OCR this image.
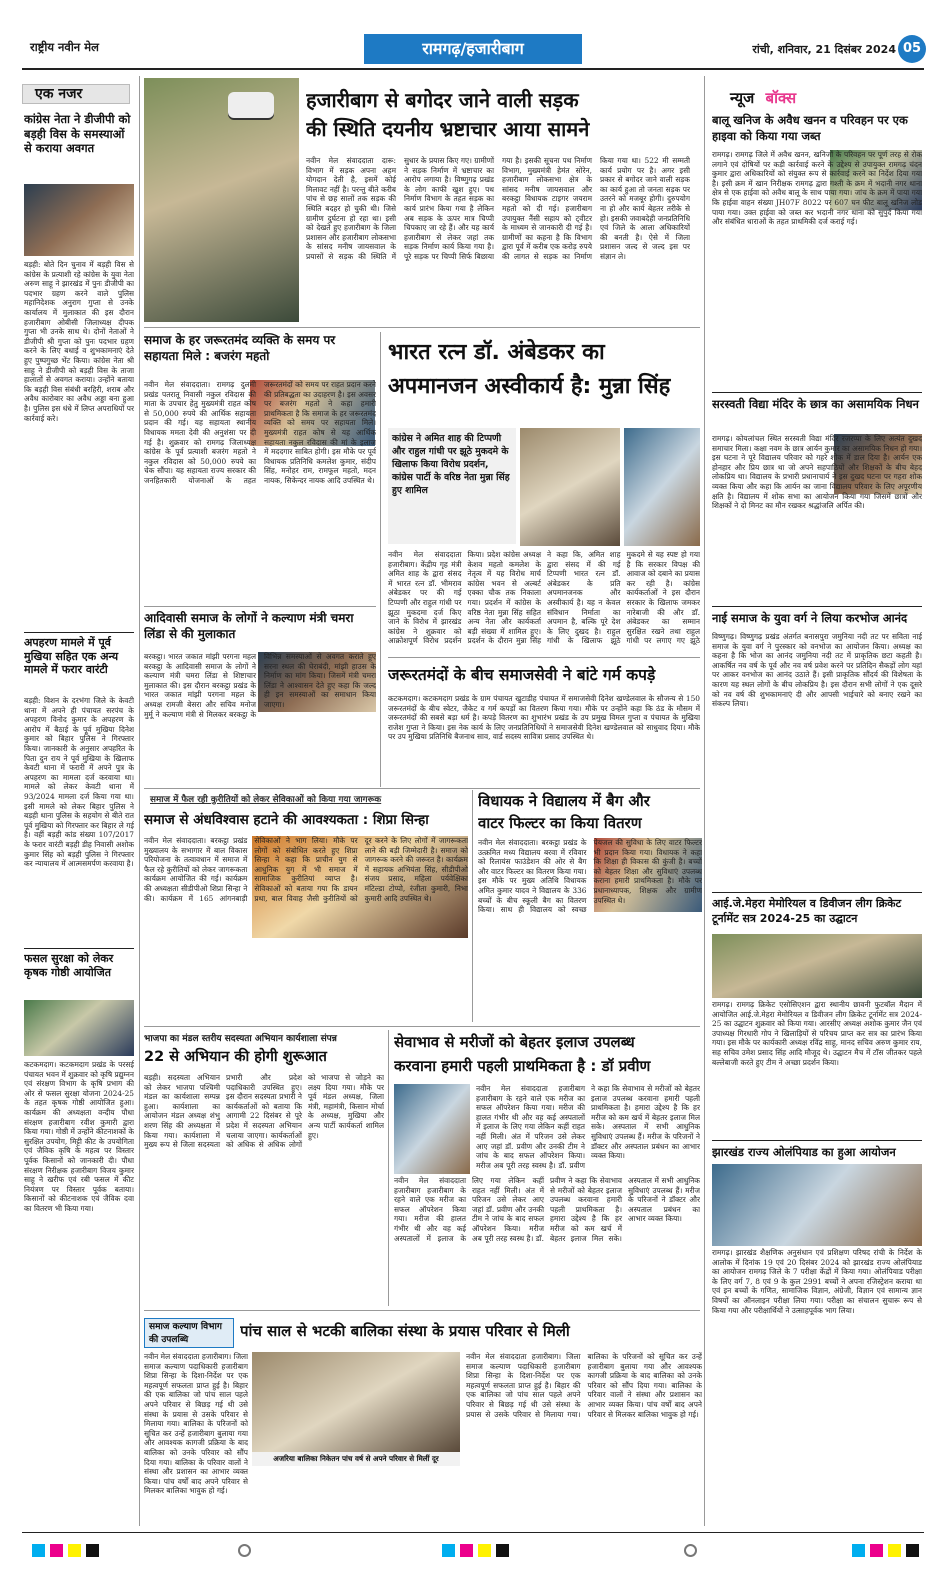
राष्ट्रीय नवीन मेल	रामगढ़/हजारीबाग	रांची, शनिवार, 21 दिसंबर 2024 05
एक नजर
कांग्रेस नेता ने डीजीपी को बड़ही विस के समस्याओं से कराया अवगत
बड़ही: बोते दिन चुनाव में बड़ही विस से कांग्रेस के प्रत्याशी रहे कांग्रेस के युवा नेता अरुण साहू ने झारखंड में पुनः डीजीपी का पदभार ग्रहण करने वाले पुलिस महानिदेशक अनुराग गुप्ता से उनके कार्यालय में मुलाकात की इस दौरान हजारीबाग ओबीसी जिलाध्यक्ष दीपक गुप्ता भी उनके साथ थे। दोनों नेताओं ने डीजीपी श्री गुप्ता को पुनः पदभार ग्रहण करने के लिए बधाई व शुभकामनाएं देते हुए पुष्पगुच्छ भेंट किया। कांग्रेस नेता श्री साहू ने डीजीपी को बड़ही विस के ताजा हालातों से अवगत कराया। उन्होंने बताया कि बड़ही विस संबंधी बरहिरी, शराब और अवैध कारोबार का अवैध अड्डा बना हुआ है। पुलिस इस धंधे में लिप्त अपराधियों पर कार्रवाई करे।
अपहरण मामले में पूर्व मुखिया सहित एक अन्य मामले में फरार वारंटी
बड़ही: विशन के दरभंगा जिले के केवटी थाना में अपने ही पंचायत सरपंच के अपहरण विनोद कुमार के अपहरण के आरोप में बैठाई के पूर्व मुखिया दिनेश कुमार को बिहार पुलिस ने गिरफ्तार किया। जानकारी के अनुसार अपहरित के पिता दुन राय ने पूर्व मुखिया के खिलाफ केवटी थाना में फरारी में अपने पुत्र के अपहरण का मामला दर्ज करवाया था। मामले को लेकर केवटी थाना में 93/2024 मामला दर्ज किया गया था। इसी मामले को लेकर बिहार पुलिस ने बड़ही थाना पुलिस के सहयोग से बीते रात पूर्व मुखिया को गिरफ्तार कर बिहार ले गई है। वहीं बड़ही कांड संख्या 107/2017 के फरार वारंटी बड़ही डीह निवासी अशोक कुमार सिंह को बड़ही पुलिस ने गिरफ्तार कर न्यायालय में आत्मसमर्पण करवाया है।
फसल सुरक्षा को लेकर कृषक गोष्ठी आयोजित
कटकमदाग। कटकमदाग प्रखंड के परसई पंचायत भवन में शुक्रवार को कृषि प्रद्युम्नन एवं संरक्षण विभाग के कृषि प्रभाग की ओर से फसल सुरक्षा योजना 2024-25 के तहत कृषक गोष्ठी आयोजित हुआ। कार्यक्रम की अध्यक्षता वन्दीय पौधा संरक्षण हजारीबाग रवीश कुमारी द्वारा किया गया। गोष्ठी में उन्होंने कीटनाशकों के सुरक्षित उपयोग, मिट्टी कीट के उपयोगिता एवं जैविक कृषि के महत्व पर विस्तार पूर्वक किसानों को जानकारी दी। पौधा संरक्षण निरीक्षक हजारीबाग विजय कुमार साहू ने खरीफ एवं रबी फसल में कीट नियंत्रण पर विस्तार पूर्वक बताया। किसानों को कीटनाशक एवं जैविक दवा का वितरण भी किया गया।
हजारीबाग से बगोदर जाने वाली सड़क
की स्थिति दयनीय भ्रष्टाचार आया सामने
नवीन मेल संवाददाता दारू: विभाग में सड़क अपना अहम योगदान देती है, इसमें कोई मिलावट नहीं है। परन्तु बीते करीब पांच से छह सालों तक सड़क की स्थिति बदहर हो चुकी थी। जिसे ग्रामीण दुर्घटना हो रहा था। इसी को देखते हुए हजारीबाग के जिला प्रशासन और हजारीबाग लोकसभा के सांसद मनीष जायसवाल के प्रयासों से सड़क की स्थिति में सुधार के प्रयास किए गए। ग्रामीणों ने सड़क निर्माण में भ्रष्टाचार का आरोप लगाया है। विष्णुगढ़ प्रखंड के लोग काफी खुश हुए। पथ निर्माण विभाग के तहत सड़क का कार्य प्रारंभ किया गया है लेकिन अब सड़क के ऊपर मात्र चिप्पी चिपकाए जा रहे हैं। और यह कार्य हजारीबाग से लेकर जहां तक सड़क निर्माण कार्य किया गया है। पूरे सड़क पर चिप्पी सिर्फ बिछाया गया है। इसकी सूचना पथ निर्माण विभाग, मुख्यमंत्री हेमंत सोरेन, हजारीबाग लोकसभा क्षेत्र के सांसद मनीष जायसवाल और बरकट्ठा विधायक टाइगर जयराम महतो को दी गई। हजारीबाग उपायुक्त नैंसी सहाय को ट्वीटर के माध्यम से जानकारी दी गई है। ग्रामीणों का कहना है कि विभाग द्वारा पूर्व में करीब एक करोड़ रुपये की लागत से सड़क का निर्माण किया गया था। 522 मी सम्मती कार्य प्रयोग पर है। अगर इसी प्रकार से बगोदर जाने वाली सड़क का कार्य हुआ तो जनता सड़क पर उतरने को मजबूर होगी। दुरुपयोग ना हो और कार्य बेहतर तरीके से हो। इसकी जवाबदेही जनप्रतिनिधि एवं जिले के आला अधिकारियों की बनती है। ऐसे में जिला प्रशासन जल्द से जल्द इस पर संज्ञान ले।
समाज के हर जरूरतमंद व्यक्ति के समय पर सहायता मिले : बजरंग महतो
नवीन मेल संवाददाता। रामगढ़ दुलमी प्रखंड पतरातू निवासी नकुल रविदास की माता के उपचार हेतु मुख्यमंत्री राहत कोष से 50,000 रुपये की आर्थिक सहायता प्रदान की गई। यह सहायता स्थानीय विधायक ममता देवी की अनुशंसा पर दी गई है। शुक्रवार को रामगढ़ जिलाध्यक्ष कांग्रेस के पूर्व प्रत्याशी बजरंग महतो ने नकुल रविदास को 50,000 रुपये का चेक सौंपा। यह सहायता राज्य सरकार की जनहितकारी योजनाओं के तहत जरूरतमंदों को समय पर राहत प्रदान करने की प्रतिबद्धता का उदाहरण है। इस अवसर पर बजरंग महतो ने कहा हमारी प्राथमिकता है कि समाज के हर जरूरतमंद व्यक्ति को समय पर सहायता मिले। मुख्यमंत्री राहत कोष से यह आर्थिक सहायता नकुल रविदास की मां के इलाज में मददगार साबित होगी। इस मौके पर पूर्व विधायक प्रतिनिधि कमलेश कुमार, संदीप सिंह, मनोहर राम, रामफूल महतो, मदन नायक, सिकेन्दर नायक आदि उपस्थित थे।
आदिवासी समाज के लोगों ने कल्याण मंत्री चमरा लिंडा से की मुलाकात
बरकट्ठा। भारत जकात मांझी परगना महल बरकट्ठा के आदिवासी समाज के लोगों ने कल्याण मंत्री चमरा लिंडा से शिष्टाचार मुलाकात की। इस दौरान बरकट्ठा प्रखंड के भारत जकात मांझी परगना महल के अध्यक्ष रामजी बेसरा और सचिव मनोज मुर्मू ने कल्याण मंत्री से मिलकर बरकट्ठा के विभिन्न समस्याओं से अवगत कराते हुए सरना स्थल की घेराबंदी, मांझी हाउस के निर्माण का मांग किया। जिसमें मंत्री चमरा लिंडा ने आश्वासन देते हुए कहा कि जल्द ही इन समस्याओं का समाधान किया जाएगा।
भारत रत्न डॉ. अंबेडकर का
अपमानजन अस्वीकार्य है: मुन्ना सिंह
कांग्रेस ने अमित शाह की टिप्पणी और राहुल गांधी पर झूठे मुकदमे के खिलाफ किया विरोध प्रदर्शन, कांग्रेस पार्टी के वरिष्ठ नेता मुन्ना सिंह हुए शामिल
नवीन मेल संवाददाता हजारीबाग। केंद्रीय गृह मंत्री अमित शाह के द्वारा संसद में भारत रत्न डॉ. भीमराव अंबेडकर पर की गई टिप्पणी और राहुल गांधी पर झूठा मुकदमा दर्ज किए जाने के विरोध में झारखंड कांग्रेस ने शुक्रवार को आक्रोशपूर्ण विरोध प्रदर्शन किया। प्रदेश कांग्रेस अध्यक्ष केशव महतो कमलेश के नेतृत्व में यह विरोध मार्च कांग्रेस भवन से अल्बर्ट एक्का चौक तक निकाला गया। प्रदर्शन में कांग्रेस के वरिष्ठ नेता मुन्ना सिंह सहित अन्य नेता और कार्यकर्ता बड़ी संख्या में शामिल हुए। प्रदर्शन के दौरान मुन्ना सिंह ने कहा कि, अमित शाह द्वारा संसद में की गई टिप्पणी भारत रत्न डॉ. अंबेडकर के प्रति अपमानजनक और अस्वीकार्य है। यह न केवल संविधान निर्माता का अपमान है, बल्कि पूरे देश के लिए दुखद है। राहुल गांधी के खिलाफ झूठे मुकदमे से यह स्पष्ट हो गया है कि सरकार विपक्ष की आवाज को दबाने का प्रयास कर रही है। कांग्रेस कार्यकर्ताओं ने इस दौरान सरकार के खिलाफ जमकर नारेबाजी की और डॉ. अंबेडकर का सम्मान सुरक्षित रखने तथा राहुल गांधी पर लगाए गए झूठे
जरूरतमंदों के बीच समाजसेवी ने बांटे गर्म कपड़े
कटकमदाग। कटकमदाग प्रखंड के ग्राम पंचायत खुटाडीह पंचायत में समाजसेवी दिनेश खण्डेलवाल के सौजन्य से 150 जरूरतमंदों के बीच स्वेटर, जैकेट व गर्म कपड़ों का वितरण किया गया। मौके पर उन्होंने कहा कि ठंड के मौसम में जरूरतमंदों की सबसे बड़ा धर्म है। कपड़े वितरण का शुभारंभ प्रखंड के उप प्रमुख विमल गुप्ता व पंचायत के मुखिया राजेश गुप्ता ने किया। इस नेक कार्य के लिए जनप्रतिनिधियों ने समाजसेवी दिनेश खण्डेलवाल को साधुवाद दिया। मौके पर उप मुखिया प्रतिनिधि बैजनाथ साव, वार्ड सदस्य सावित्रा प्रसाद उपस्थित थे।
समाज में फैल रही कुरीतियों को लेकर सेविकाओं को किया गया जागरूक
समाज से अंधविश्वास हटाने की आवश्यकता : शिप्रा सिन्हा
नवीन मेल संवाददाता। बरकट्ठा प्रखंड मुख्यालय के सभागार में बाल विकास परियोजना के तत्वावधान में समाज में फैल रहे कुरीतियों को लेकर जागरूकता कार्यक्रम आयोजित की गई। कार्यक्रम की अध्यक्षता सीडीपीओ शिप्रा सिन्हा ने की। कार्यक्रम में 165 आंगनबाड़ी सेविकाओं ने भाग लिया। मौके पर लोगों को संबोधित करते हुए शिप्रा सिन्हा ने कहा कि प्राचीन युग से आधुनिक युग में भी समाज में सामाजिक कुरीतियां व्याप्त है। सेविकाओं को बताया गया कि डायन प्रथा, बाल विवाह जैसी कुरीतियों को दूर करने के लिए लोगों में जागरूकता लाने की बड़ी जिम्मेदारी है। समाज को जागरूक करने की जरूरत है। कार्यक्रम में सहायक अभियंता सिंह, सीडीपीओ संजय प्रसाद, महिला पर्यवेक्षिका मंटिल्डा टोप्पो, रंजीता कुमारी, निभा कुमारी आदि उपस्थित थे।
विधायक ने विद्यालय में बैग और
वाटर फिल्टर का किया वितरण
नवीन मेल संवाददाता। बरकट्ठा प्रखंड के उत्क्रमित मध्य विद्यालय बरवा में रविवार को रिलायंस फाउंडेशन की ओर से बैग और वाटर फिल्टर का वितरण किया गया। इस मौके पर मुख्य अतिथि विधायक अमित कुमार यादव ने विद्यालय के 336 बच्चों के बीच स्कूली बैग का वितरण किया। साथ ही विद्यालय को स्वच्छ पेयजल की सुविधा के लिए वाटर फिल्टर भी प्रदान किया गया। विधायक ने कहा कि शिक्षा ही विकास की कुंजी है। बच्चों को बेहतर शिक्षा और सुविधाएं उपलब्ध कराना हमारी प्राथमिकता है। मौके पर प्रधानाध्यापक, शिक्षक और ग्रामीण उपस्थित थे।
भाजपा का मंडल स्तरीय सदस्यता अभियान कार्यशाला संपन्न
22 से अभियान की होगी शुरूआत
बड़ही। सदस्यता अभियान को लेकर भाजपा पश्चिमी मंडल का कार्यशाला सम्पन्न हुआ। कार्यशाला का आयोजन मंडल अध्यक्ष शंभु शरण सिंह की अध्यक्षता में किया गया। कार्यशाला में मुख्य रूप से जिला सदस्यता प्रभारी और प्रदेश पदाधिकारी उपस्थित हुए। इस दौरान सदस्यता प्रभारी ने कार्यकर्ताओं को बताया कि आगामी 22 दिसंबर से पूरे प्रदेश में सदस्यता अभियान चलाया जाएगा। कार्यकर्ताओं को अधिक से अधिक लोगों को भाजपा से जोड़ने का लक्ष्य दिया गया। मौके पर पूर्व मंडल अध्यक्ष, जिला मंत्री, महामंत्री, किसान मोर्चा के अध्यक्ष, मुखिया और अन्य पार्टी कार्यकर्ता शामिल हुए।
सेवाभाव से मरीजों को बेहतर इलाज उपलब्ध
करवाना हमारी पहली प्राथमिकता है : डॉ प्रवीण
नवीन मेल संवाददाता हजारीबाग हजारीबाग के रहने वाले एक मरीज का सफल ऑपरेशन किया गया। मरीज की हालत गंभीर थी और वह कई अस्पतालों में इलाज के लिए गया लेकिन कहीं राहत नहीं मिली। अंत में परिजन उसे लेकर आए जहां डॉ. प्रवीण और उनकी टीम ने जांच के बाद सफल ऑपरेशन किया। मरीज अब पूरी तरह स्वस्थ है। डॉ. प्रवीण ने कहा कि सेवाभाव से मरीजों को बेहतर इलाज उपलब्ध करवाना हमारी पहली प्राथमिकता है। हमारा उद्देश्य है कि हर मरीज को कम खर्च में बेहतर इलाज मिल सके। अस्पताल में सभी आधुनिक सुविधाएं उपलब्ध हैं। मरीज के परिजनों ने डॉक्टर और अस्पताल प्रबंधन का आभार व्यक्त किया।
नवीन मेल संवाददाता हजारीबाग हजारीबाग के रहने वाले एक मरीज का सफल ऑपरेशन किया गया। मरीज की हालत गंभीर थी और वह कई अस्पतालों में इलाज के लिए गया लेकिन कहीं राहत नहीं मिली। अंत में परिजन उसे लेकर आए जहां डॉ. प्रवीण और उनकी टीम ने जांच के बाद सफल ऑपरेशन किया। मरीज अब पूरी तरह स्वस्थ है। डॉ. प्रवीण ने कहा कि सेवाभाव से मरीजों को बेहतर इलाज उपलब्ध करवाना हमारी पहली प्राथमिकता है। हमारा उद्देश्य है कि हर मरीज को कम खर्च में बेहतर इलाज मिल सके। अस्पताल में सभी आधुनिक सुविधाएं उपलब्ध हैं। मरीज के परिजनों ने डॉक्टर और अस्पताल प्रबंधन का आभार व्यक्त किया।
समाज कल्याण विभाग की उपलब्धि	पांच साल से भटकी बालिका संस्था के प्रयास परिवार से मिली
नवीन मेल संवाददाता हजारीबाग। जिला समाज कल्याण पदाधिकारी हजारीबाग शिप्रा सिन्हा के दिशा-निर्देश पर एक महत्वपूर्ण सफलता प्राप्त हुई है। बिहार की एक बालिका जो पांच साल पहले अपने परिवार से बिछड़ गई थी उसे संस्था के प्रयास से उसके परिवार से मिलाया गया। बालिका के परिजनों को सूचित कर उन्हें हजारीबाग बुलाया गया और आवश्यक कागजी प्रक्रिया के बाद बालिका को उनके परिवार को सौंप दिया गया। बालिका के परिवार वालों ने संस्था और प्रशासन का आभार व्यक्त किया। पांच वर्षों बाद अपने परिवार से मिलकर बालिका भावुक हो गई।
अजरिया बालिका निकेतन पांच वर्ष से अपने परिवार से मिलीं दूर
नवीन मेल संवाददाता हजारीबाग। जिला समाज कल्याण पदाधिकारी हजारीबाग शिप्रा सिन्हा के दिशा-निर्देश पर एक महत्वपूर्ण सफलता प्राप्त हुई है। बिहार की एक बालिका जो पांच साल पहले अपने परिवार से बिछड़ गई थी उसे संस्था के प्रयास से उसके परिवार से मिलाया गया। बालिका के परिजनों को सूचित कर उन्हें हजारीबाग बुलाया गया और आवश्यक कागजी प्रक्रिया के बाद बालिका को उनके परिवार को सौंप दिया गया। बालिका के परिवार वालों ने संस्था और प्रशासन का आभार व्यक्त किया। पांच वर्षों बाद अपने परिवार से मिलकर बालिका भावुक हो गई।
न्यूज बॉक्स
बालू खनिज के अवैध खनन व परिवहन पर एक हाइवा को किया गया जब्त
रामगढ़। रामगढ़ जिले में अवैध खनन, खनिजों के परिवहन पर पूर्ण तरह से रोक लगाने एवं दोषियों पर कड़ी कार्रवाई करने के उद्देश्य से उपायुक्त रामगढ़ चंदन कुमार द्वारा अधिकारियों को संयुक्त रूप से कार्रवाई करने का निर्देश दिया गया है। इसी क्रम में खान निरीक्षक रामगढ़ द्वारा गश्ती के क्रम में भदानी नगर थाना क्षेत्र से एक हाईवा को अवैध बालू के साथ पाया गया। जांच के क्रम में पाया गया कि हाईवा वाहन संख्या JH07F 8022 पर 607 घन फीट बालू खनिज लोड पाया गया। उक्त हाईवा को जब्त कर भदानी नगर थाना को सुपुर्द किया गया और संबंधित धाराओं के तहत प्राथमिकी दर्ज कराई गई।
सरस्वती विद्या मंदिर के छात्र का असामयिक निधन
रामगढ़। कोयलांचल स्थित सरस्वती विद्या मंदिर रजरप्पा के लिए अत्यंत दुखद समाचार मिला। कक्षा नवम के छात्र आर्यन कुमार का असामयिक निधन हो गया। इस घटना ने पूरे विद्यालय परिवार को गहरे शोक में डाल दिया है। आर्यन एक होनहार और प्रिय छात्र था जो अपने सहपाठियों और शिक्षकों के बीच बेहद लोकप्रिय था। विद्यालय के प्रभारी प्रधानाचार्य ने इस दुखद घटना पर गहरा शोक व्यक्त किया और कहा कि आर्यन का जाना विद्यालय परिवार के लिए अपूरणीय क्षति है। विद्यालय में शोक सभा का आयोजन किया गया जिसमें छात्रों और शिक्षकों ने दो मिनट का मौन रखकर श्रद्धांजलि अर्पित की।
नाई समाज के युवा वर्ग ने लिया करभोज आनंद
विष्णुगढ़। विष्णुगढ़ प्रखंड अंतर्गत बनासपुरा जमुनिया नदी तट पर सविता नाई समाज के युवा वर्ग ने पुरस्कार को वनभोज का आयोजन किया। अध्यक्ष का कहना है कि भोज का आनंद जमुनिया नदी तट में प्राकृतिक छटा कहती है। आकर्षित नव वर्ष के पूर्व और नव वर्ष प्रवेश करने पर प्रतिदिन सैकड़ों लोग यहां पर आकर वनभोज का आनंद उठाते हैं। इसी प्राकृतिक सौंदर्य की विशेषता के कारण यह स्थल लोगों के बीच लोकप्रिय है। इस दौरान सभी लोगों ने एक दूसरे को नव वर्ष की शुभकामनाएं दी और आपसी भाईचारे को बनाए रखने का संकल्प लिया।
आई.जे.मेहरा मेमोरियल व डिवीजन लीग क्रिकेट टूर्नामेंट सत्र 2024-25 का उद्घाटन
रामगढ़। रामगढ़ क्रिकेट एसोसिएशन द्वारा स्थानीय छावनी फुटबॉल मैदान में आयोजित आई.जे.मेहरा मेमोरियल व डिवीजन लीग क्रिकेट टूर्नामेंट सत्र 2024-25 का उद्घाटन शुक्रवार को किया गया। आरसीए अध्यक्ष अशोक कुमार जैन एवं उपाध्यक्ष गिरधारी गोप ने खिलाड़ियों से परिचय प्राप्त कर सत्र का प्रारंभ किया गया। इस मौके पर कार्यकारी अध्यक्ष रविंद्र साहू, मानद सचिव अरुण कुमार राय, सह सचिव उमेश प्रसाद सिंह आदि मौजूद थे। उद्घाटन मैच में टॉस जीतकर पहले बल्लेबाजी करते हुए टीम ने अच्छा प्रदर्शन किया।
झारखंड राज्य ओलंपियाड का हुआ आयोजन
रामगढ़। झारखंड शैक्षणिक अनुसंधान एवं प्रशिक्षण परिषद रांची के निर्देश के आलोक में दिनांक 19 एवं 20 दिसंबर 2024 को झारखंड राज्य ओलंपियाड का आयोजन रामगढ़ जिले के 7 परीक्षा केंद्रों में किया गया। ओलंपियाड परीक्षा के लिए वर्ग 7, 8 एवं 9 के कुल 2991 बच्चों ने अपना रजिस्ट्रेशन कराया था एवं इन बच्चों के गणित, सामाजिक विज्ञान, अंग्रेजी, विज्ञान एवं सामान्य ज्ञान विषयों का ऑनलाइन परीक्षा लिया गया। परीक्षा का संचालन सुचारू रूप से किया गया और परीक्षार्थियों ने उत्साहपूर्वक भाग लिया।
